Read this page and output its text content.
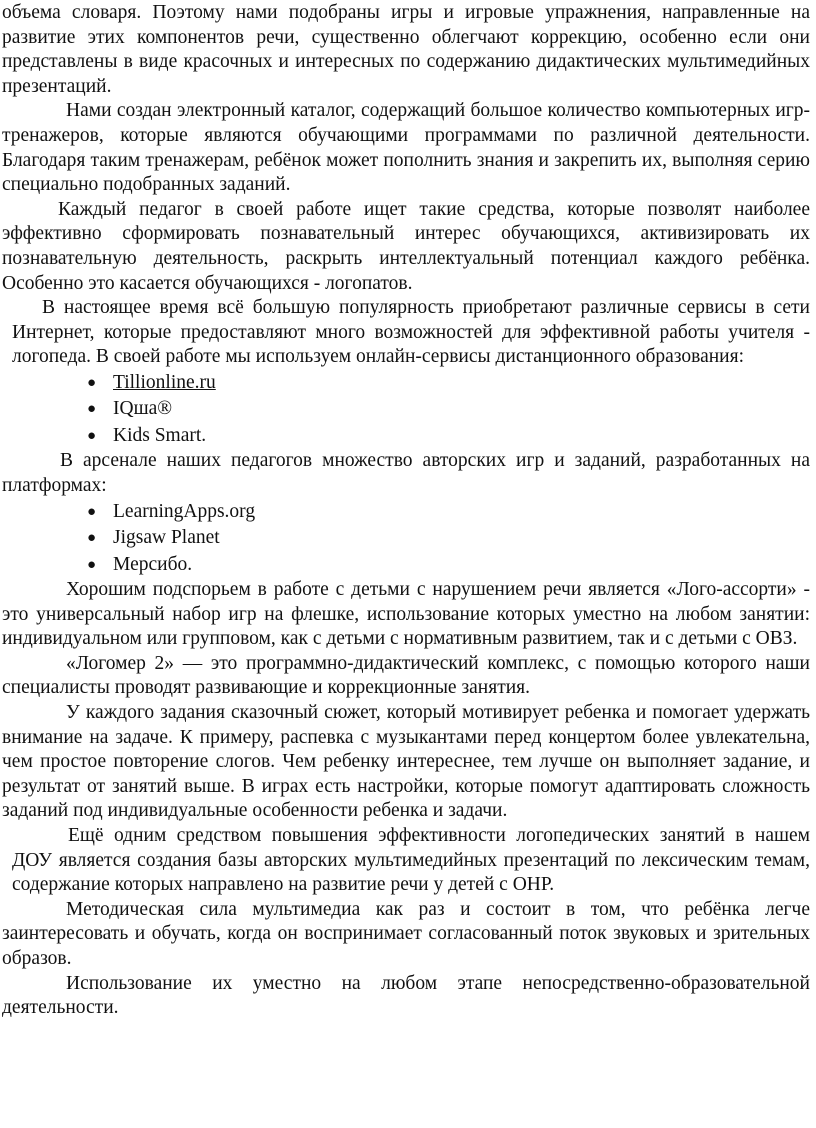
объема словаря. Поэтому нами подобраны игры и игровые упражнения, направленные на развитие этих компонентов речи, существенно облегчают коррекцию, особенно если они представлены в виде красочных и интересных по содержанию дидактических мультимедийных презентаций.

Нами создан электронный каталог, содержащий большое количество компьютерных игр-тренажеров, которые являются обучающими программами по различной деятельности. Благодаря таким тренажерам, ребёнок может пополнить знания и закрепить их, выполняя серию специально подобранных заданий.

Каждый педагог в своей работе ищет такие средства, которые позволят наиболее эффективно сформировать познавательный интерес обучающихся, активизировать их познавательную деятельность, раскрыть интеллектуальный потенциал каждого ребёнка. Особенно это касается обучающихся - логопатов.

В настоящее время всё большую популярность приобретают различные сервисы в сети Интернет, которые предоставляют много возможностей для эффективной работы учителя - логопеда. В своей работе мы используем онлайн-сервисы дистанционного образования:

● Tillionline.ru
● IQша®
● Kids Smart.

В арсенале наших педагогов множество авторских игр и заданий, разработанных на платформах:

● LearningApps.org
● Jigsaw Planet
● Мерсибо.

Хорошим подспорьем в работе с детьми с нарушением речи является «Лого-ассорти» - это универсальный набор игр на флешке, использование которых уместно на любом занятии: индивидуальном или групповом, как с детьми с нормативным развитием, так и с детьми с ОВЗ.

«Логомер 2» — это программно-дидактический комплекс, с помощью которого наши специалисты проводят развивающие и коррекционные занятия.

У каждого задания сказочный сюжет, который мотивирует ребенка и помогает удержать внимание на задаче. К примеру, распевка с музыкантами перед концертом более увлекательна, чем простое повторение слогов. Чем ребенку интереснее, тем лучше он выполняет задание, и результат от занятий выше. В играх есть настройки, которые помогут адаптировать сложность заданий под индивидуальные особенности ребенка и задачи.

Ещё одним средством повышения эффективности логопедических занятий в нашем ДОУ является создания базы авторских мультимедийных презентаций по лексическим темам, содержание которых направлено на развитие речи у детей с ОНР.

Методическая сила мультимедиа как раз и состоит в том, что ребёнка легче заинтересовать и обучать, когда он воспринимает согласованный поток звуковых и зрительных образов.

Использование их уместно на любом этапе непосредственно-образовательной деятельности.
